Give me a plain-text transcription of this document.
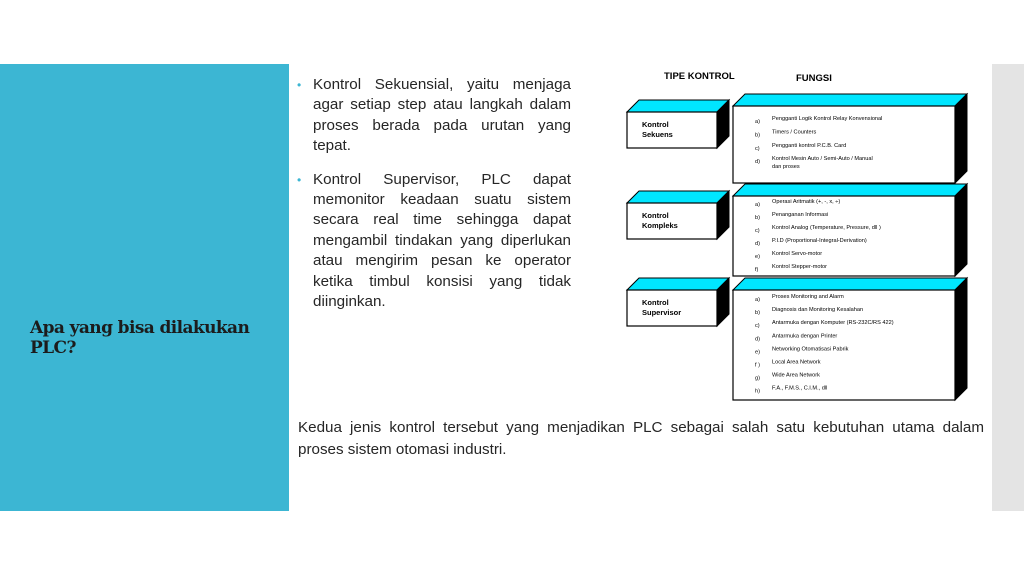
Apa yang bisa dilakukan PLC?
• Kontrol Sekuensial, yaitu menjaga agar setiap step atau langkah dalam proses berada pada urutan yang tepat.
• Kontrol Supervisor, PLC dapat memonitor keadaan suatu sistem secara real time sehingga dapat mengambil tindakan yang diperlukan atau mengirim pesan ke operator ketika timbul konsisi yang tidak diinginkan.
TIPE KONTROL	FUNGSI
Kontrol
Sekuens
a) Pengganti Logik Kontrol Relay Konvensional
b) Timers / Counters
c) Pengganti kontrol P.C.B. Card
d) Kontrol Mesin Auto / Semi-Auto / Manual
dan proses
Kontrol
Kompleks
a) Operasi Aritmatik (+, -, x, ÷)
b) Penanganan Informasi
c) Kontrol Analog (Temperature, Pressure, dll )
d) P.I.D (Proportional-Integral-Derivation)
e) Kontrol Servo-motor
f) Kontrol Stepper-motor
Kontrol
Supervisor
a) Proses Monitoring and Alarm
b) Diagnosis dan Monitoring Kesalahan
c) Antarmuka dengan Komputer (RS-232C/RS 422)
d) Antarmuka dengan Printer
e) Networking Otomatisasi Pabrik
f ) Local Area Network
g) Wide Area Network
h) F.A., F.M.S., C.I.M., dll

Kedua jenis kontrol tersebut yang menjadikan PLC sebagai salah satu kebutuhan utama dalam proses sistem otomasi industri.
